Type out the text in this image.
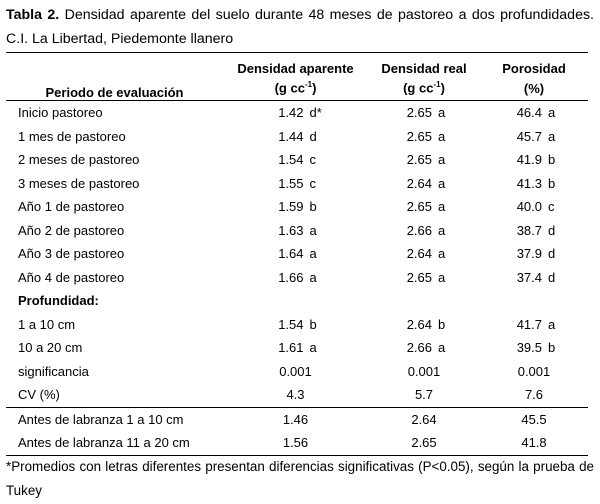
Tabla 2. Densidad aparente del suelo durante 48 meses de pastoreo a dos profundidades. C.I. La Libertad, Piedemonte llanero
Periodo de evaluación	Densidad aparente	Densidad real	Porosidad
	(g $cc^{-1}$)	(g $cc^{-1}$)	(%)
Inicio pastoreo	1.42 d*	2.65 a	46.4 a
1 mes de pastoreo	1.44 d	2.65 a	45.7 a
2 meses de pastoreo	1.54 c	2.65 a	41.9 b
3 meses de pastoreo	1.55 c	2.64 a	41.3 b
Año 1 de pastoreo	1.59 b	2.65 a	40.0 c
Año 2 de pastoreo	1.63 a	2.66 a	38.7 d
Año 3 de pastoreo	1.64 a	2.64 a	37.9 d
Año 4 de pastoreo	1.66 a	2.65 a	37.4 d
Profundidad:			
1 a 10 cm	1.54 b	2.64 b	41.7 a
10 a 20 cm	1.61 a	2.66 a	39.5 b
significancia	0.001	0.001	0.001
CV (%)	4.3	5.7	7.6
Antes de labranza 1 a 10 cm	1.46	2.64	45.5
Antes de labranza 11 a 20 cm	1.56	2.65	41.8
*Promedios con letras diferentes presentan diferencias significativas (P<0.05), según la prueba de Tukey
